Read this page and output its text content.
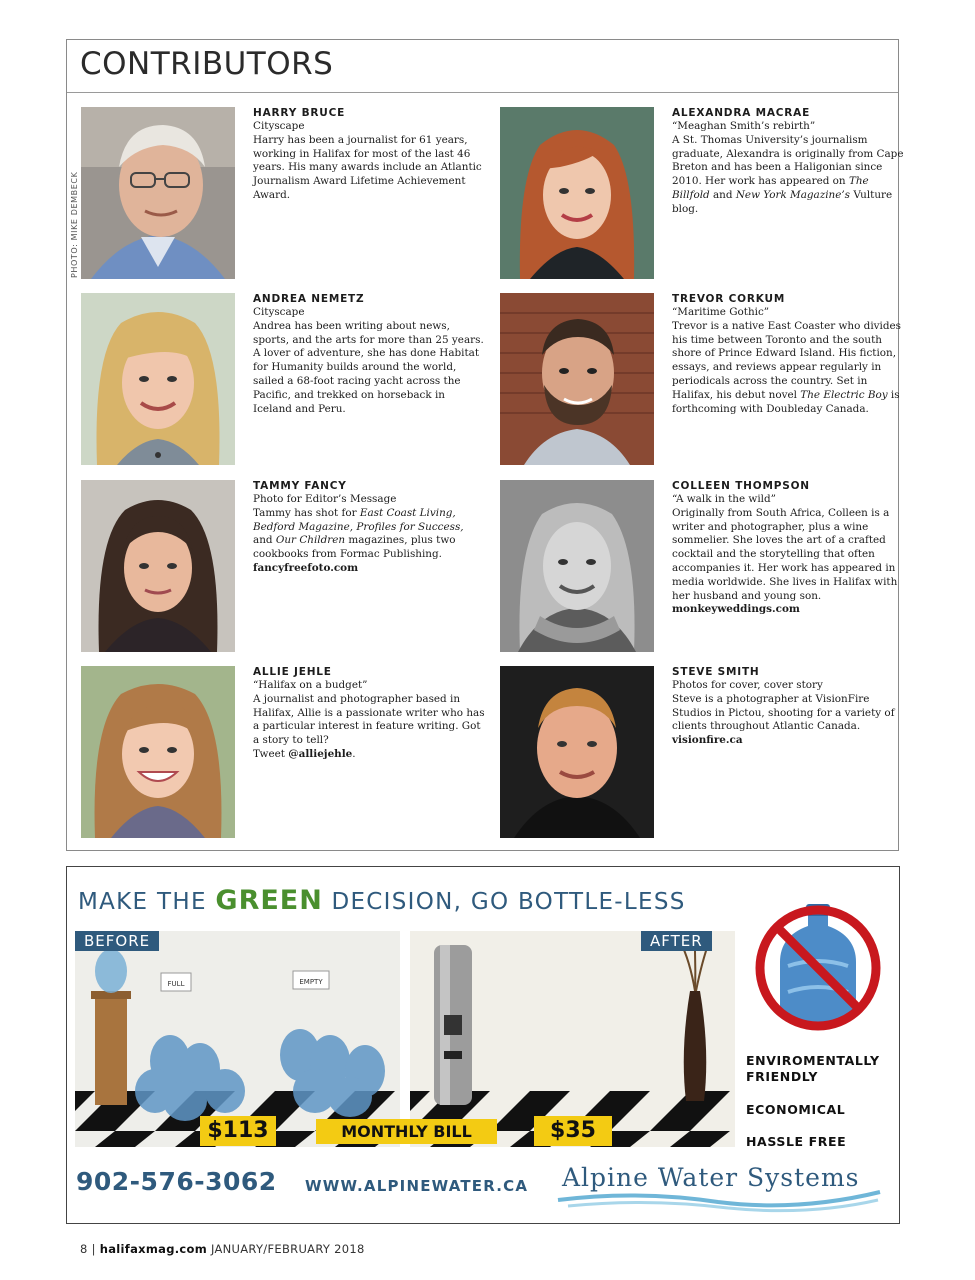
CONTRIBUTORS
PHOTO: MIKE DEMBECK
HARRY BRUCE
Cityscape
Harry has been a journalist for 61 years, working in Halifax for most of the last 46 years. His many awards include an Atlantic Journalism Award Lifetime Achievement Award.
ALEXANDRA MACRAE
“Meaghan Smith’s rebirth”
A St. Thomas University’s journalism graduate, Alexandra is originally from Cape Breton and has been a Haligonian since 2010. Her work has appeared on The Billfold and New York Magazine’s Vulture blog.
ANDREA NEMETZ
Cityscape
Andrea has been writing about news, sports, and the arts for more than 25 years. A lover of adventure, she has done Habitat for Humanity builds around the world, sailed a 68-foot racing yacht across the Pacific, and trekked on horseback in Iceland and Peru.
TREVOR CORKUM
“Maritime Gothic”
Trevor is a native East Coaster who divides his time between Toronto and the south shore of Prince Edward Island. His fiction, essays, and reviews appear regularly in periodicals across the country. Set in Halifax, his debut novel The Electric Boy is forthcoming with Doubleday Canada.
TAMMY FANCY
Photo for Editor’s Message
Tammy has shot for East Coast Living, Bedford Magazine, Profiles for Success, and Our Children magazines, plus two cookbooks from Formac Publishing.
fancyfreefoto.com
COLLEEN THOMPSON
“A walk in the wild”
Originally from South Africa, Colleen is a writer and photographer, plus a wine sommelier. She loves the art of a crafted cocktail and the storytelling that often accompanies it. Her work has appeared in media worldwide. She lives in Halifax with her husband and young son.
monkeyweddings.com
ALLIE JEHLE
“Halifax on a budget”
A journalist and photographer based in Halifax, Allie is a passionate writer who has a particular interest in feature writing. Got a story to tell?
Tweet @alliejehle.
STEVE SMITH
Photos for cover, cover story
Steve is a photographer at VisionFire Studios in Pictou, shooting for a variety of clients throughout Atlantic Canada. visionfire.ca
MAKE THE GREEN DECISION, GO BOTTLE-LESS
FULL	EMPTY
BEFORE	AFTER
$113	MONTHLY BILL	$35
ENVIROMENTALLY FRIENDLY
ECONOMICAL
HASSLE FREE
902-576-3062 WWW.ALPINEWATER.CA Alpine Water Systems
8 | halifaxmag.com JANUARY/FEBRUARY 2018
